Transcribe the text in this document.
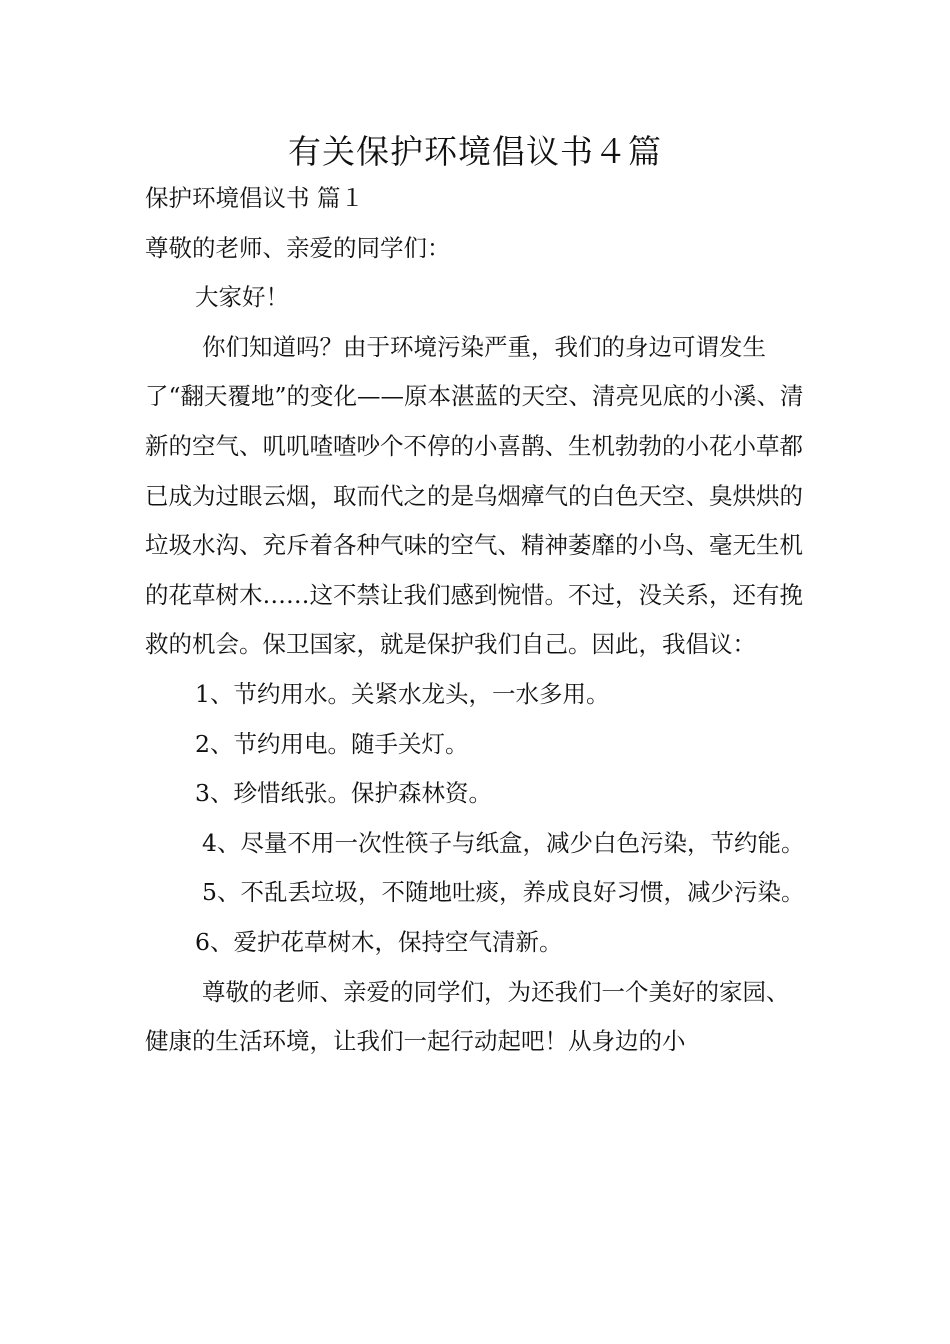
有关保护环境倡议书４篇

保护环境倡议书 篇１

尊敬的老师、亲爱的同学们：

大家好！

你们知道吗？由于环境污染严重，我们的身边可谓发生了“翻天覆地”的变化——原本湛蓝的天空、清亮见底的小溪、清新的空气、叽叽喳喳吵个不停的小喜鹊、生机勃勃的小花小草都已成为过眼云烟，取而代之的是乌烟瘴气的白色天空、臭烘烘的垃圾水沟、充斥着各种气味的空气、精神萎靡的小鸟、毫无生机的花草树木……这不禁让我们感到惋惜。不过，没关系，还有挽救的机会。保卫国家，就是保护我们自己。因此，我倡议：

1、节约用水。关紧水龙头，一水多用。

2、节约用电。随手关灯。

3、珍惜纸张。保护森林资。

4、尽量不用一次性筷子与纸盒，减少白色污染，节约能。

5、不乱丢垃圾，不随地吐痰，养成良好习惯，减少污染。

6、爱护花草树木，保持空气清新。

尊敬的老师、亲爱的同学们，为还我们一个美好的家园、健康的生活环境，让我们一起行动起吧！从身边的小
